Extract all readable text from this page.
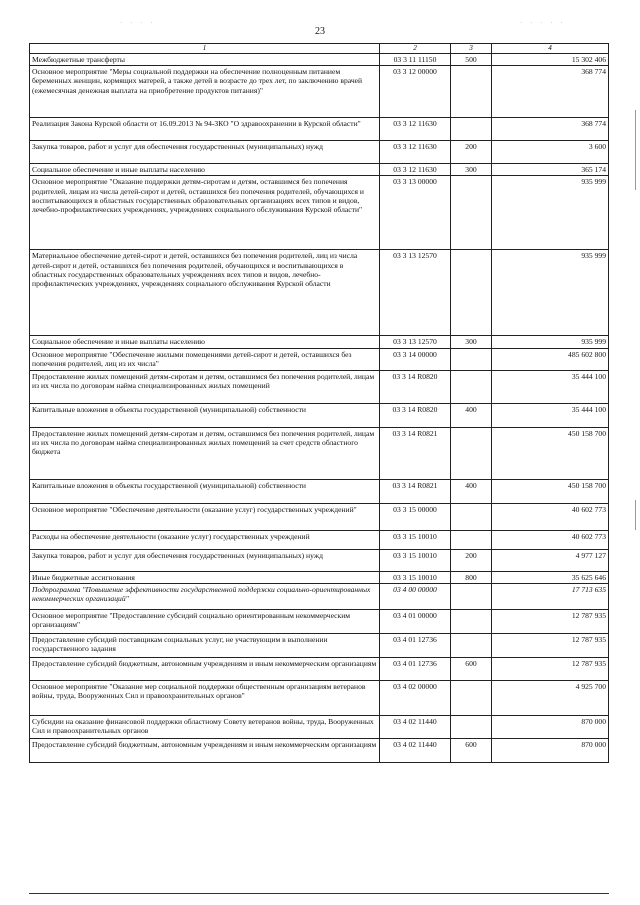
· · · ·	· · · · ·
23
1	2	3	4
Межбюджетные трансферты	03 3 11 11150	500	15 302 406
Основное мероприятие "Меры социальной поддержки на обеспечение полноценным питанием беременных женщин, кормящих матерей, а также детей в возрасте до трех лет, по заключению врачей (ежемесячная денежная выплата на приобретение продуктов питания)"	03 3 12 00000		368 774
Реализация Закона Курской области от 16.09.2013 № 94-ЗКО "О здравоохранении в Курской области"	03 3 12 11630		368 774
Закупка товаров, работ и услуг для обеспечения государственных (муниципальных) нужд	03 3 12 11630	200	3 600
Социальное обеспечение и иные выплаты населению	03 3 12 11630	300	365 174
Основное мероприятие "Оказание поддержки детям-сиротам и детям, оставшимся без попечения родителей, лицам из числа детей-сирот и детей, оставшихся без попечения родителей, обучающихся и воспитывающихся в областных государственных образовательных организациях всех типов и видов, лечебно-профилактических учреждениях, учреждениях социального обслуживания Курской области"	03 3 13 00000		935 999
Материальное обеспечение детей-сирот и детей, оставшихся без попечения родителей, лиц из числа детей-сирот и детей, оставшихся без попечения родителей, обучающихся и воспитывающихся в областных государственных образовательных учреждениях всех типов и видов, лечебно-профилактических учреждениях, учреждениях социального обслуживания Курской области	03 3 13 12570		935 999
Социальное обеспечение и иные выплаты населению	03 3 13 12570	300	935 999
Основное мероприятие "Обеспечение жилыми помещениями детей-сирот и детей, оставшихся без попечения родителей, лиц из их числа"	03 3 14 00000		485 602 800
Предоставление жилых помещений детям-сиротам и детям, оставшимся без попечения родителей, лицам из их числа по договорам найма специализированных жилых помещений	03 3 14 R0820		35 444 100
Капитальные вложения в объекты государственной (муниципальной) собственности	03 3 14 R0820	400	35 444 100
Предоставление жилых помещений детям-сиротам и детям, оставшимся без попечения родителей, лицам из их числа по договорам найма специализированных жилых помещений за счет средств областного бюджета	03 3 14 R0821		450 158 700
Капитальные вложения в объекты государственной (муниципальной) собственности	03 3 14 R0821	400	450 158 700
Основное мероприятие "Обеспечение деятельности (оказание услуг) государственных учреждений"	03 3 15 00000		40 602 773
Расходы на обеспечение деятельности (оказание услуг) государственных учреждений	03 3 15 10010		40 602 773
Закупка товаров, работ и услуг для обеспечения государственных (муниципальных) нужд	03 3 15 10010	200	4 977 127
Иные бюджетные ассигнования	03 3 15 10010	800	35 625 646
Подпрограмма "Повышение эффективности государственной поддержки социально-ориентированных некоммерческих организаций"	03 4 00 00000		17 713 635
Основное мероприятие "Предоставление субсидий социально ориентированным некоммерческим организациям"	03 4 01 00000		12 787 935
Предоставление субсидий поставщикам социальных услуг, не участвующим в выполнении государственного задания	03 4 01 12736		12 787 935
Предоставление субсидий бюджетным, автономным учреждениям и иным некоммерческим организациям	03 4 01 12736	600	12 787 935
Основное мероприятие "Оказание мер социальной поддержки общественным организациям ветеранов войны, труда, Вооруженных Сил и правоохранительных органов"	03 4 02 00000		4 925 700
Субсидии на оказание финансовой поддержки областному Совету ветеранов войны, труда, Вооруженных Сил и правоохранительных органов	03 4 02 11440		870 000
Предоставление субсидий бюджетным, автономным учреждениям и иным некоммерческим организациям	03 4 02 11440	600	870 000
